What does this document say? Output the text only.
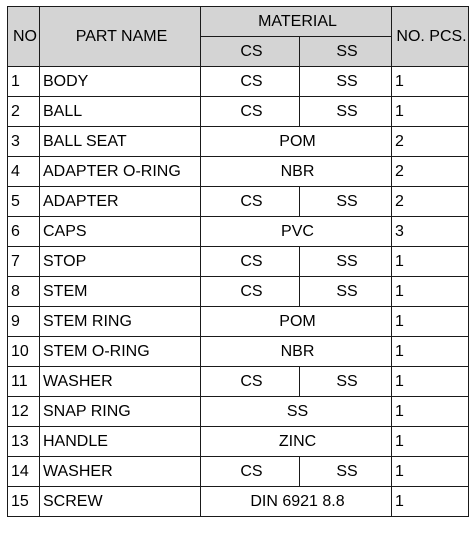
NO	PART NAME	MATERIAL		NO. PCS.
		CS	SS	
1	BODY	CS	SS	1
2	BALL	CS	SS	1
3	BALL SEAT	POM		2
4	ADAPTER O-RING	NBR		2
5	ADAPTER	CS	SS	2
6	CAPS	PVC		3
7	STOP	CS	SS	1
8	STEM	CS	SS	1
9	STEM RING	POM		1
10	STEM O-RING	NBR		1
11	WASHER	CS	SS	1
12	SNAP RING	SS		1
13	HANDLE	ZINC		1
14	WASHER	CS	SS	1
15	SCREW	DIN 6921 8.8		1
